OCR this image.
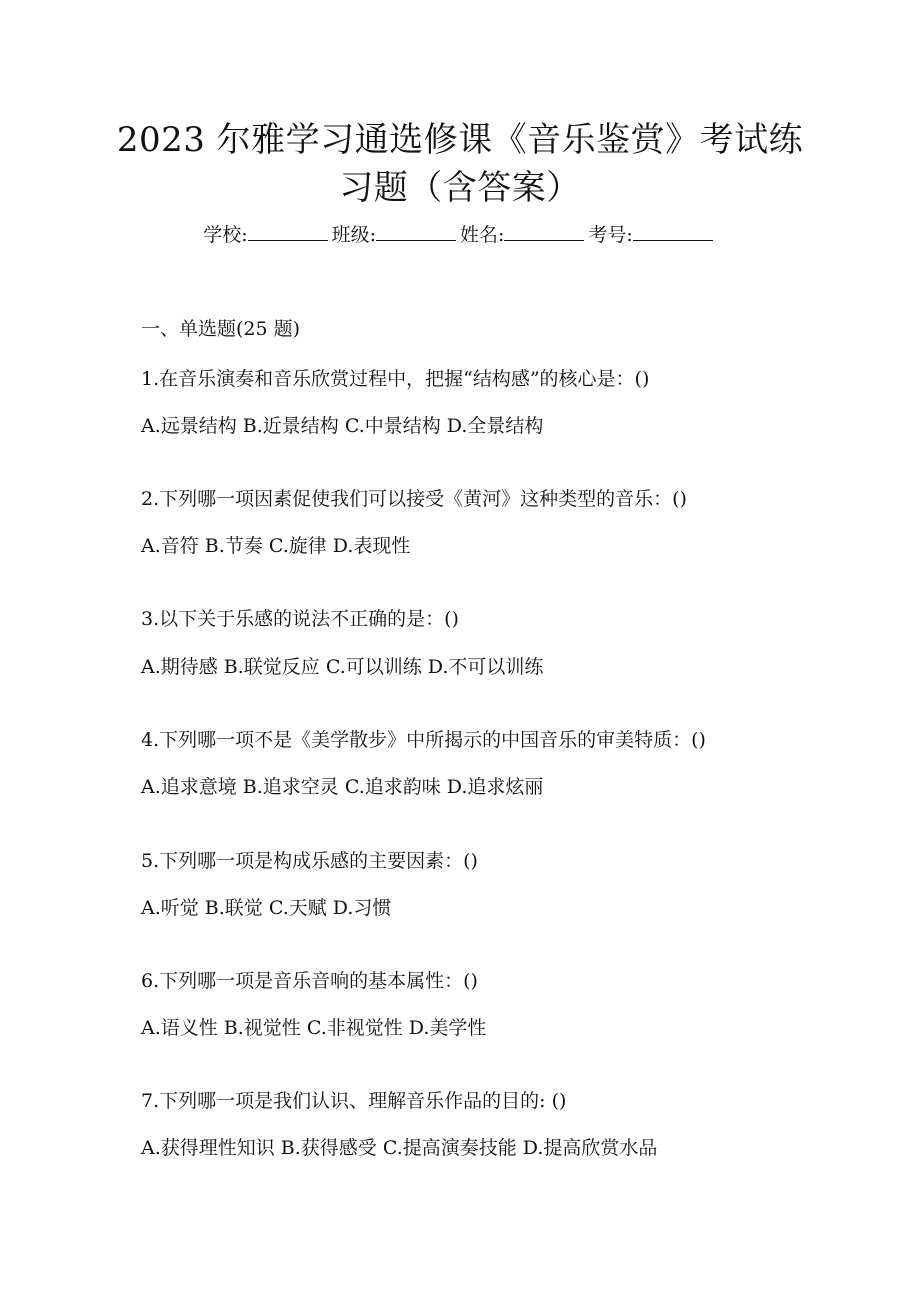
2023 尔雅学习通选修课《音乐鉴赏》考试练
习题（含答案）
学校:	班级:	姓名:	考号:
一、单选题(25 题)
1.在音乐演奏和音乐欣赏过程中，把握“结构感”的核心是：()
A.远景结构 B.近景结构 C.中景结构 D.全景结构
2.下列哪一项因素促使我们可以接受《黄河》这种类型的音乐：()
A.音符 B.节奏 C.旋律 D.表现性
3.以下关于乐感的说法不正确的是：()
A.期待感 B.联觉反应 C.可以训练 D.不可以训练
4.下列哪一项不是《美学散步》中所揭示的中国音乐的审美特质：()
A.追求意境 B.追求空灵 C.追求韵味 D.追求炫丽
5.下列哪一项是构成乐感的主要因素：()
A.听觉 B.联觉 C.天赋 D.习惯
6.下列哪一项是音乐音响的基本属性：()
A.语义性 B.视觉性 C.非视觉性 D.美学性
7.下列哪一项是我们认识、理解音乐作品的目的: ()
A.获得理性知识 B.获得感受 C.提高演奏技能 D.提高欣赏水品
